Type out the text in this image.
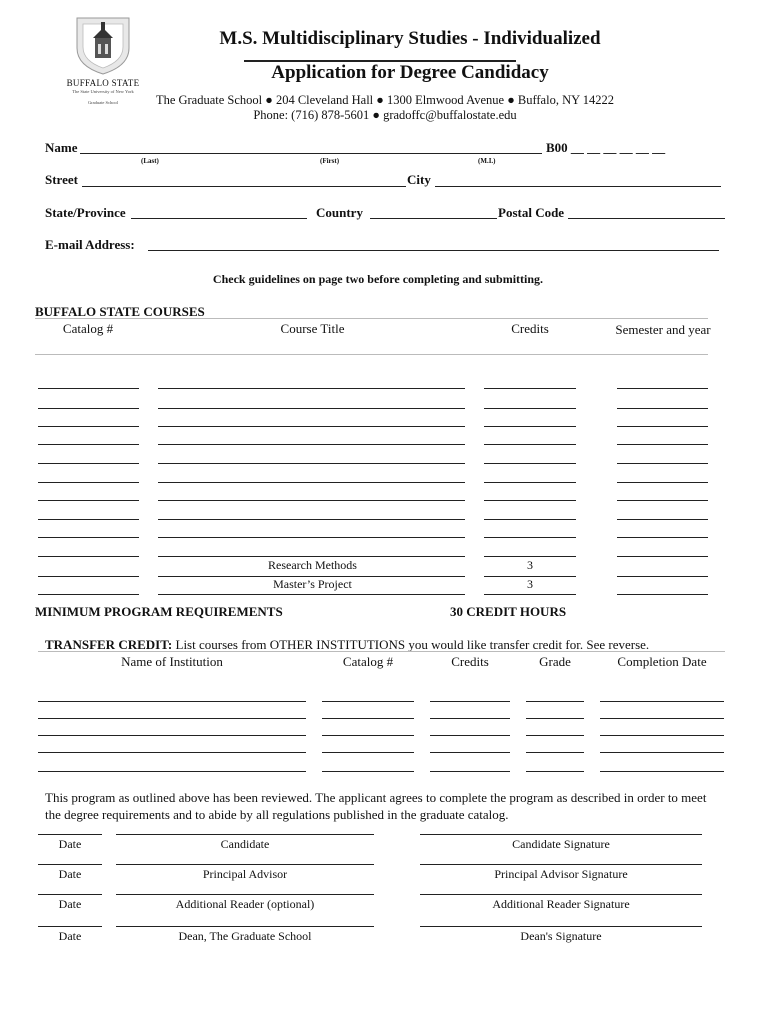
BUFFALO STATE
The State University of New York
Graduate School
M.S. Multidisciplinary Studies - Individualized
Application for Degree Candidacy
The Graduate School ● 204 Cleveland Hall ● 1300 Elmwood Avenue ● Buffalo, NY 14222
Phone: (716) 878-5601 ● gradoffc@buffalostate.edu
Name
(Last)	(First)	(M.I.)
B00 __ __ __ __ __ __
Street	City
State/Province	Country	Postal Code
E-mail Address:
Check guidelines on page two before completing and submitting.
BUFFALO STATE COURSES
Catalog #	Course Title	Credits	Semester and year
Research Methods	3
Master’s Project	3
MINIMUM PROGRAM REQUIREMENTS	30 CREDIT HOURS
TRANSFER CREDIT: List courses from OTHER INSTITUTIONS you would like transfer credit for. See reverse.
Name of Institution	Catalog #	Credits	Grade	Completion Date
This program as outlined above has been reviewed. The applicant agrees to complete the program as described in order to meet the degree requirements and to abide by all regulations published in the graduate catalog.
Date	Candidate	Candidate Signature
Date	Principal Advisor	Principal Advisor Signature
Date	Additional Reader (optional)	Additional Reader Signature
Date	Dean, The Graduate School	Dean's Signature
